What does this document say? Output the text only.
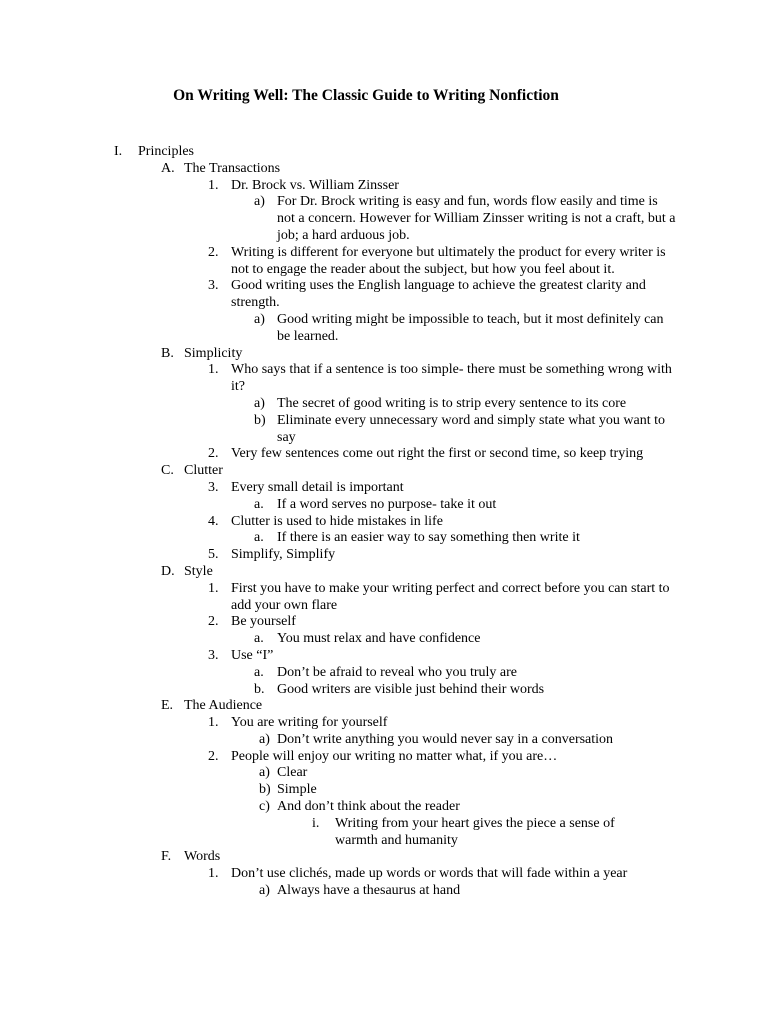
On Writing Well: The Classic Guide to Writing Nonfiction
I. Principles
A. The Transactions
1. Dr. Brock vs. William Zinsser
a) For Dr. Brock writing is easy and fun, words flow easily and time is not a concern. However for William Zinsser writing is not a craft, but a job; a hard arduous job.
2. Writing is different for everyone but ultimately the product for every writer is not to engage the reader about the subject, but how you feel about it.
3. Good writing uses the English language to achieve the greatest clarity and strength.
a) Good writing might be impossible to teach, but it most definitely can be learned.
B. Simplicity
1. Who says that if a sentence is too simple- there must be something wrong with it?
a) The secret of good writing is to strip every sentence to its core
b) Eliminate every unnecessary word and simply state what you want to say
2. Very few sentences come out right the first or second time, so keep trying
C. Clutter
3. Every small detail is important
a. If a word serves no purpose- take it out
4. Clutter is used to hide mistakes in life
a. If there is an easier way to say something then write it
5. Simplify, Simplify
D. Style
1. First you have to make your writing perfect and correct before you can start to add your own flare
2. Be yourself
a. You must relax and have confidence
3. Use “I”
a. Don’t be afraid to reveal who you truly are
b. Good writers are visible just behind their words
E. The Audience
1. You are writing for yourself
a) Don’t write anything you would never say in a conversation
2. People will enjoy our writing no matter what, if you are…
a) Clear
b) Simple
c) And don’t think about the reader
i. Writing from your heart gives the piece a sense of warmth and humanity
F. Words
1. Don’t use clichés, made up words or words that will fade within a year
a) Always have a thesaurus at hand
